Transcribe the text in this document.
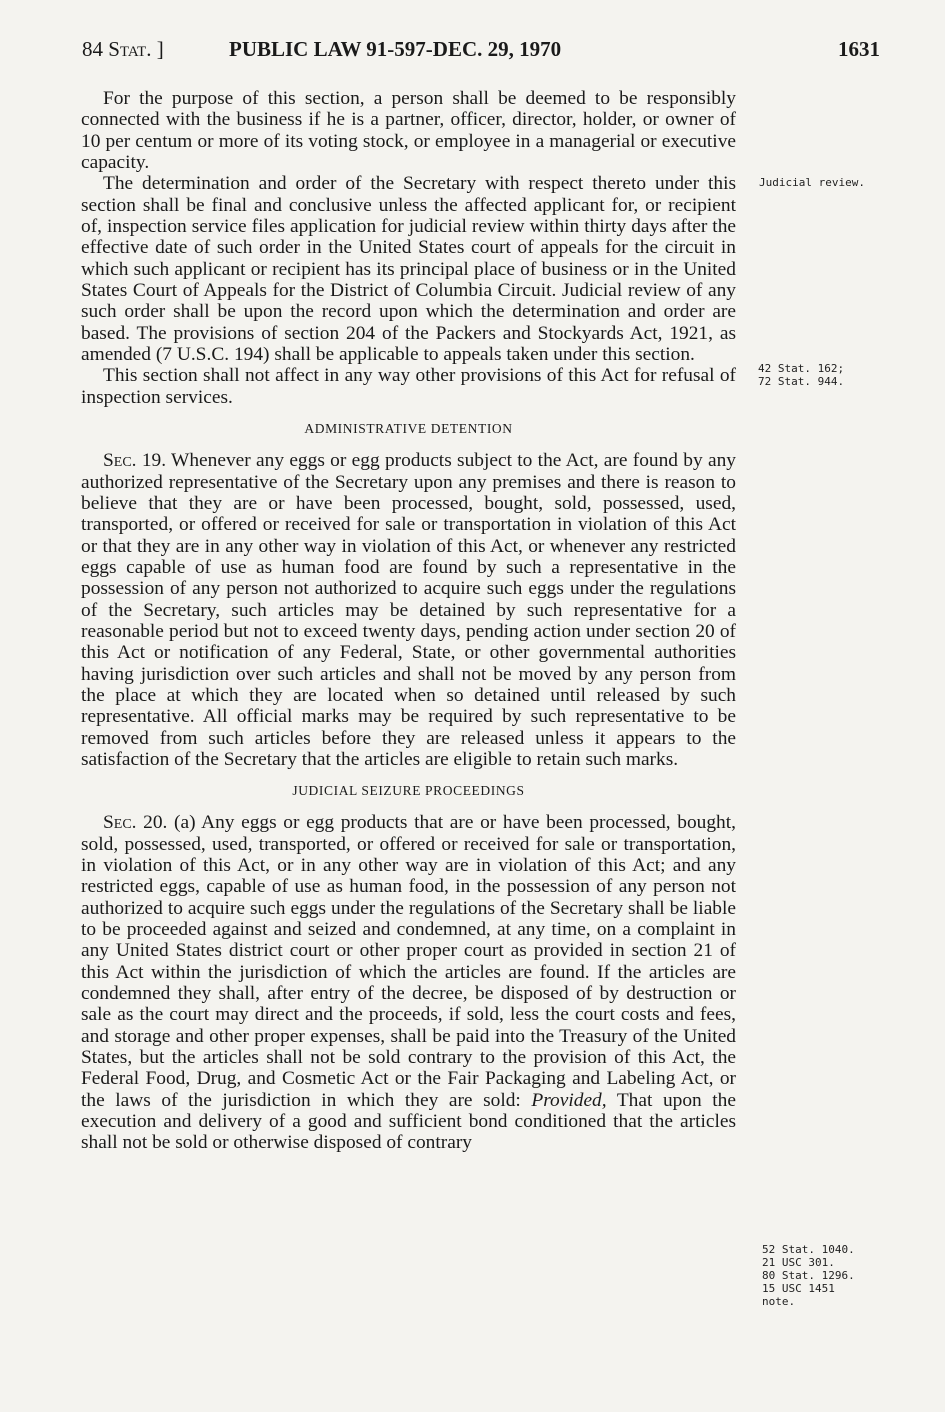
84 Stat. ]	PUBLIC LAW 91-597-DEC. 29, 1970	1631

For the purpose of this section, a person shall be deemed to be responsibly connected with the business if he is a partner, officer, director, holder, or owner of 10 per centum or more of its voting stock, or employee in a managerial or executive capacity.

The determination and order of the Secretary with respect thereto under this section shall be final and conclusive unless the affected applicant for, or recipient of, inspection service files application for judicial review within thirty days after the effective date of such order in the United States court of appeals for the circuit in which such applicant or recipient has its principal place of business or in the United States Court of Appeals for the District of Columbia Circuit. Judicial review of any such order shall be upon the record upon which the determination and order are based. The provisions of section 204 of the Packers and Stockyards Act, 1921, as amended (7 U.S.C. 194) shall be applicable to appeals taken under this section.

This section shall not affect in any way other provisions of this Act for refusal of inspection services.

ADMINISTRATIVE DETENTION

Sec. 19. Whenever any eggs or egg products subject to the Act, are found by any authorized representative of the Secretary upon any premises and there is reason to believe that they are or have been processed, bought, sold, possessed, used, transported, or offered or received for sale or transportation in violation of this Act or that they are in any other way in violation of this Act, or whenever any restricted eggs capable of use as human food are found by such a representative in the possession of any person not authorized to acquire such eggs under the regulations of the Secretary, such articles may be detained by such representative for a reasonable period but not to exceed twenty days, pending action under section 20 of this Act or notification of any Federal, State, or other governmental authorities having jurisdiction over such articles and shall not be moved by any person from the place at which they are located when so detained until released by such representative. All official marks may be required by such representative to be removed from such articles before they are released unless it appears to the satisfaction of the Secretary that the articles are eligible to retain such marks.

JUDICIAL SEIZURE PROCEEDINGS

Sec. 20. (a) Any eggs or egg products that are or have been processed, bought, sold, possessed, used, transported, or offered or received for sale or transportation, in violation of this Act, or in any other way are in violation of this Act; and any restricted eggs, capable of use as human food, in the possession of any person not authorized to acquire such eggs under the regulations of the Secretary shall be liable to be proceeded against and seized and condemned, at any time, on a complaint in any United States district court or other proper court as provided in section 21 of this Act within the jurisdiction of which the articles are found. If the articles are condemned they shall, after entry of the decree, be disposed of by destruction or sale as the court may direct and the proceeds, if sold, less the court costs and fees, and storage and other proper expenses, shall be paid into the Treasury of the United States, but the articles shall not be sold contrary to the provision of this Act, the Federal Food, Drug, and Cosmetic Act or the Fair Packaging and Labeling Act, or the laws of the jurisdiction in which they are sold: Provided, That upon the execution and delivery of a good and sufficient bond conditioned that the articles shall not be sold or otherwise disposed of contrary

Judicial review.
42 Stat. 162;
72 Stat. 944.
52 Stat. 1040.
21 USC 301.
80 Stat. 1296.
15 USC 1451
note.
